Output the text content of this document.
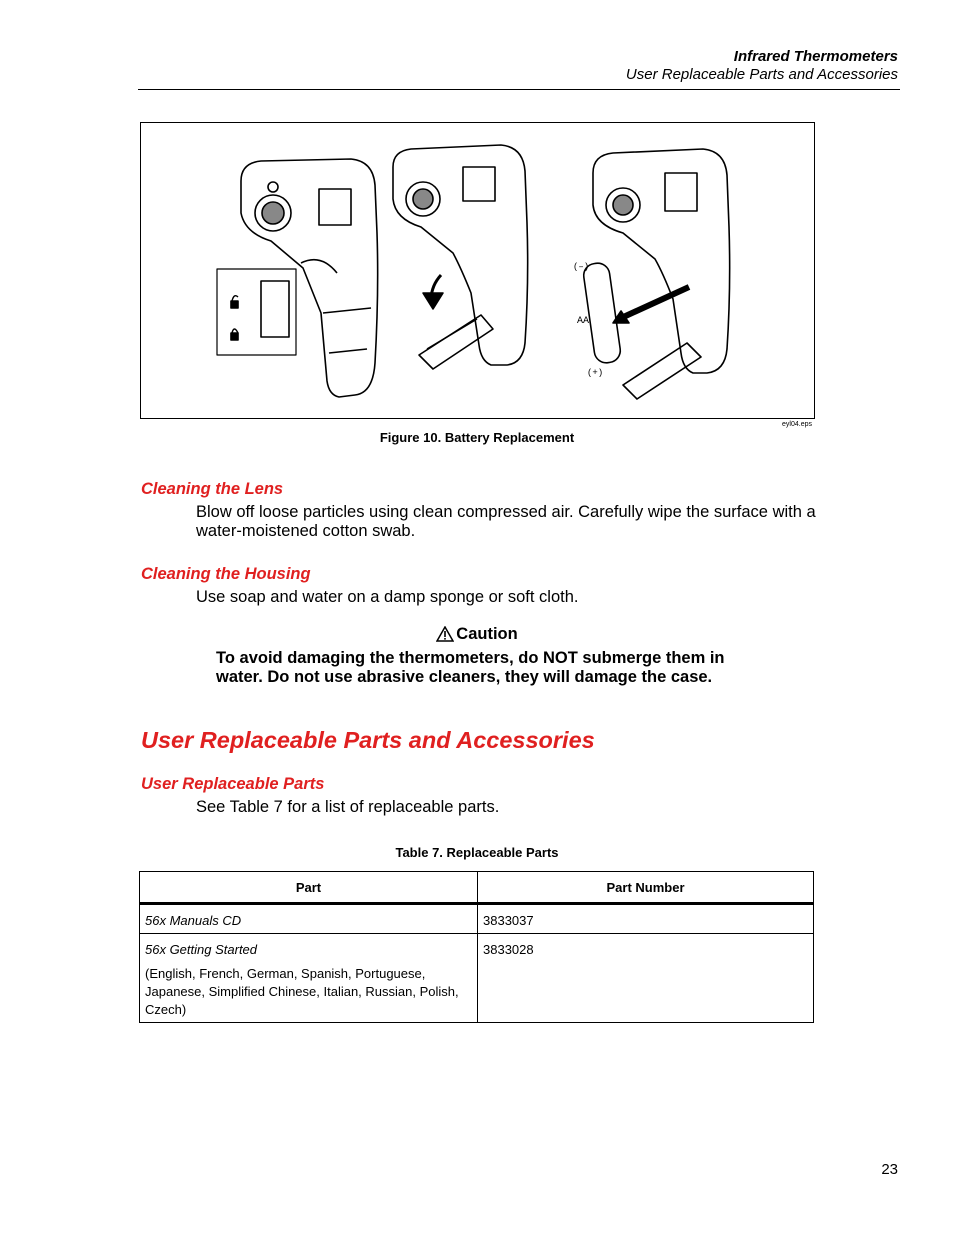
Infrared Thermometers
User Replaceable Parts and Accessories
(–)
AA
(+)
eyl04.eps
Figure 10. Battery Replacement
Cleaning the Lens
Blow off loose particles using clean compressed air. Carefully wipe the surface with a water-moistened cotton swab.
Cleaning the Housing
Use soap and water on a damp sponge or soft cloth.
Caution
To avoid damaging the thermometers, do NOT submerge them in water. Do not use abrasive cleaners, they will damage the case.
User Replaceable Parts and Accessories
User Replaceable Parts
See Table 7 for a list of replaceable parts.
Table 7. Replaceable Parts
Part	Part Number
56x Manuals CD	3833037

56x Getting Started
(English, French, German, Spanish, Portuguese, Japanese, Simplified Chinese, Italian, Russian, Polish, Czech)	3833028
23
